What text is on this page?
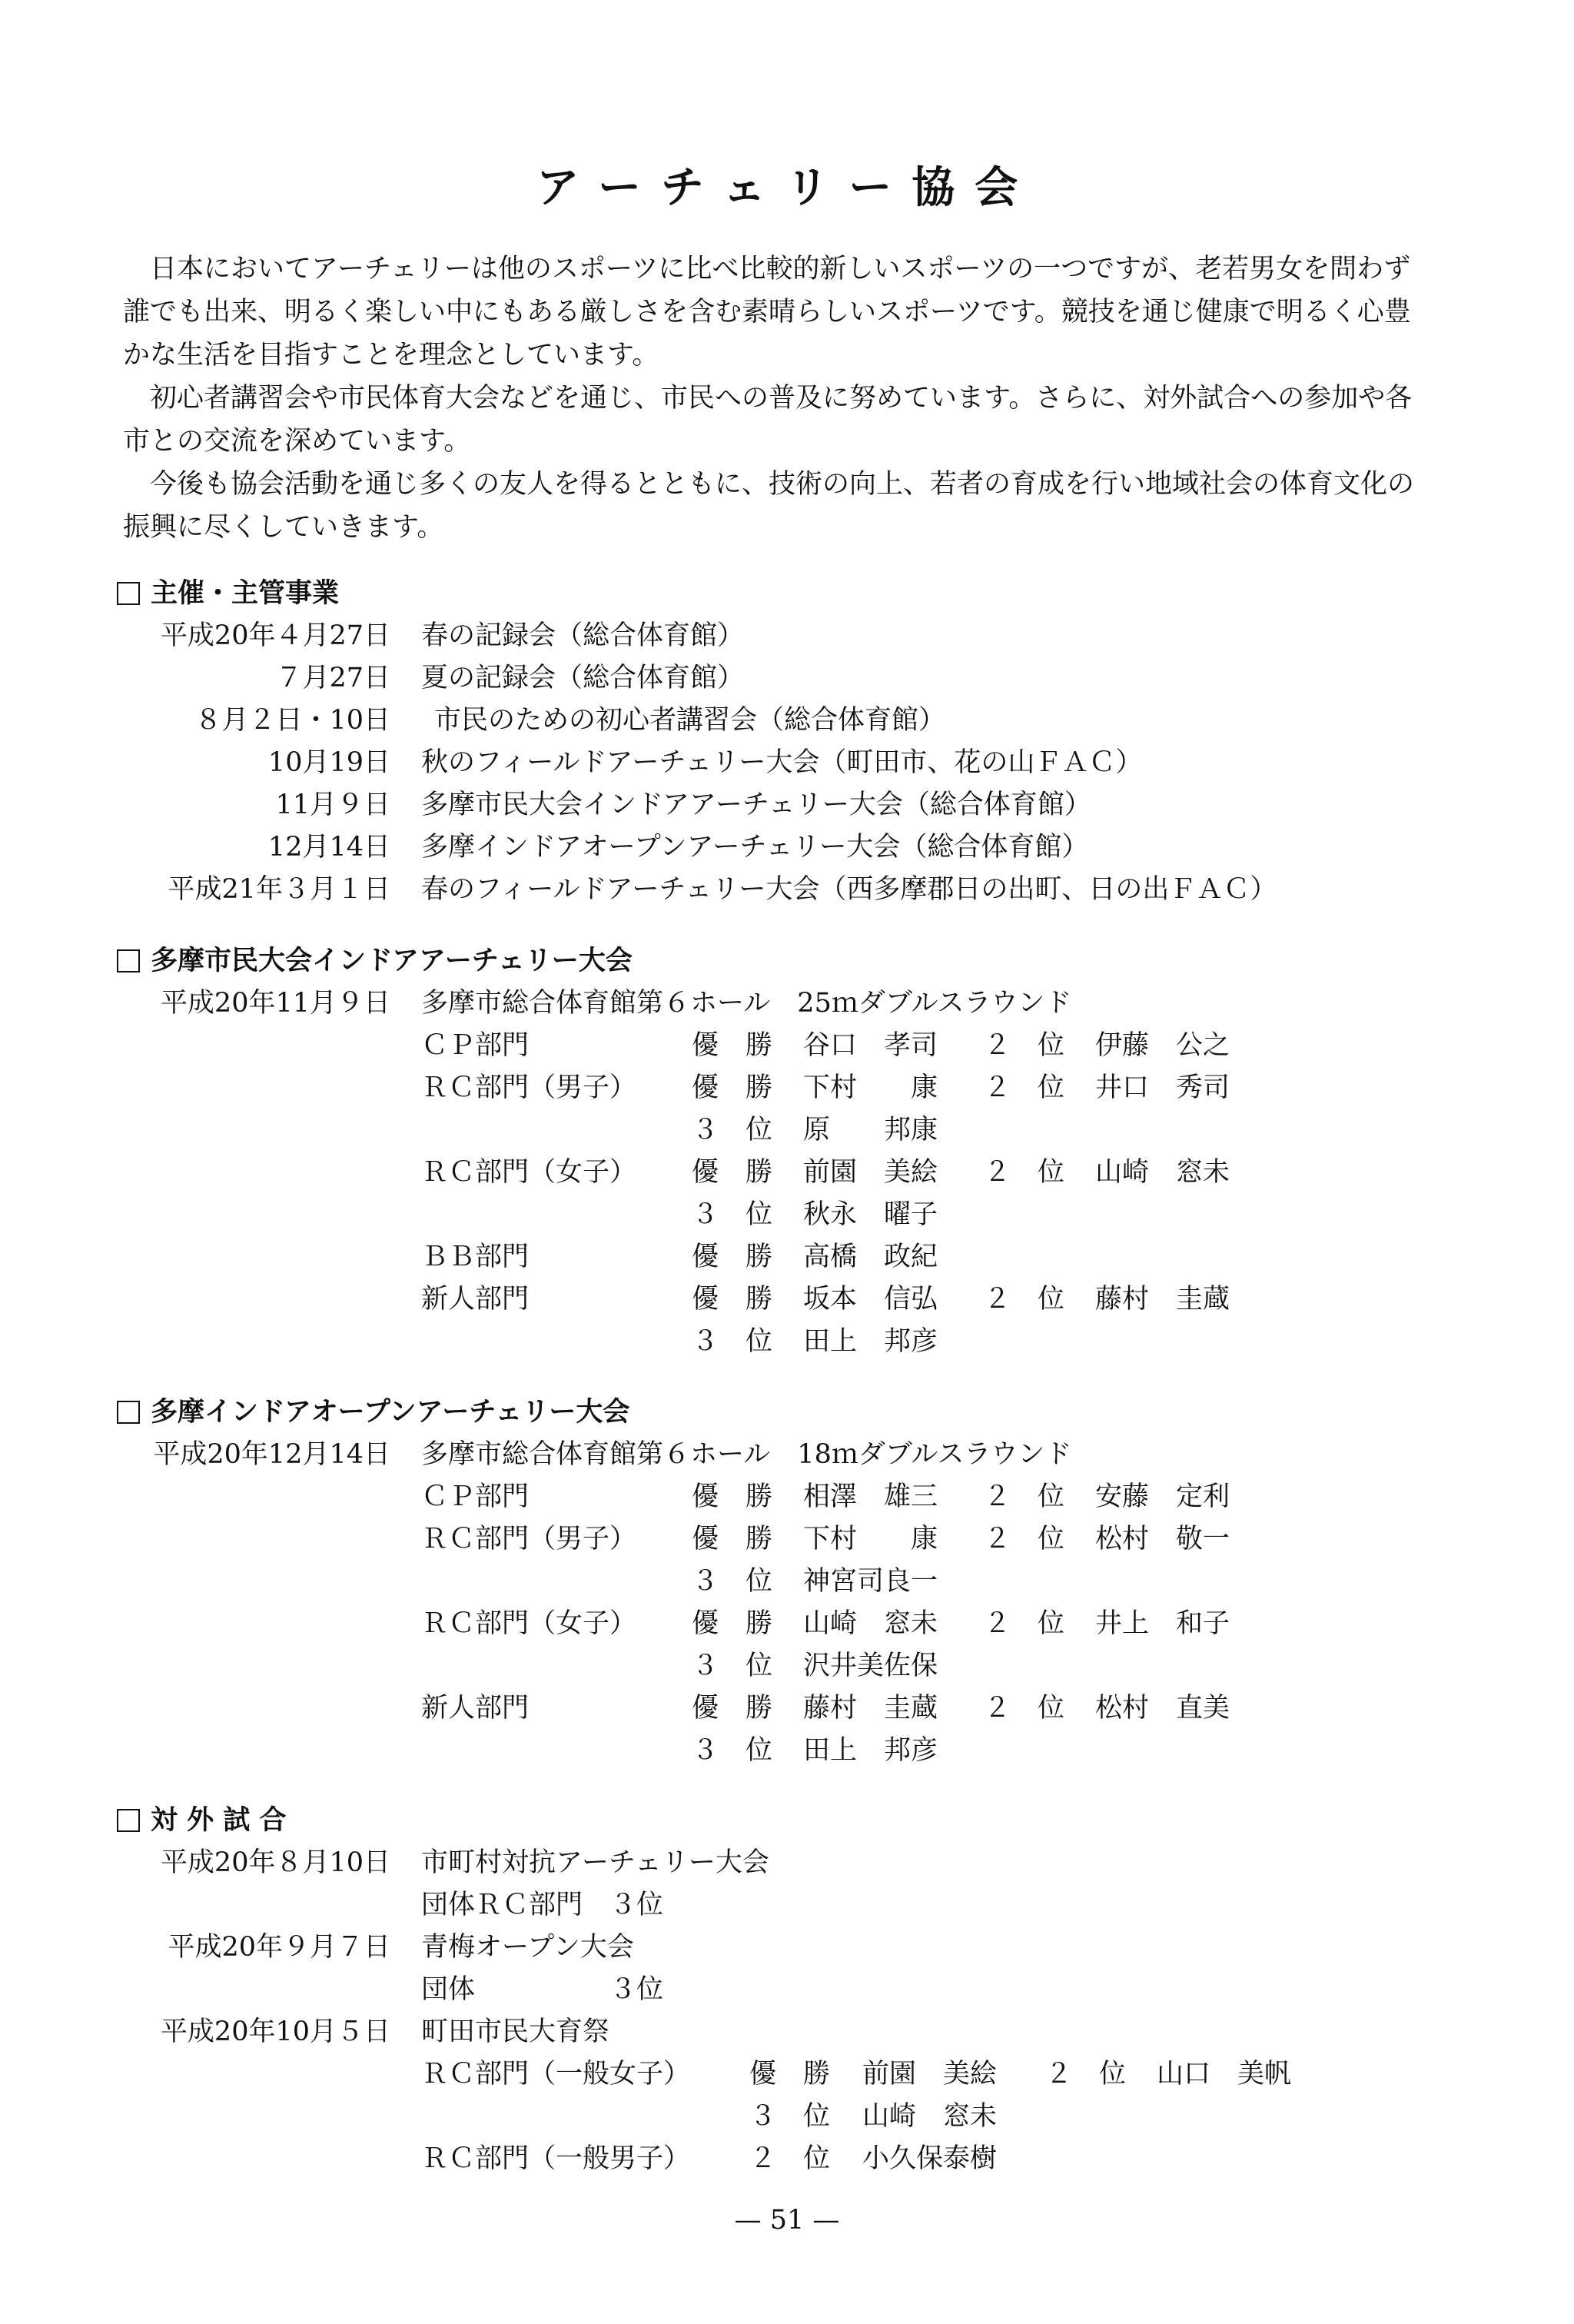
アーチェリー協会

日本においてアーチェリーは他のスポーツに比べ比較的新しいスポーツの一つですが、老若男女を問わず誰でも出来、明るく楽しい中にもある厳しさを含む素晴らしいスポーツです。競技を通じ健康で明るく心豊かな生活を目指すことを理念としています。

初心者講習会や市民体育大会などを通じ、市民への普及に努めています。さらに、対外試合への参加や各市との交流を深めています。

今後も協会活動を通じ多くの友人を得るとともに、技術の向上、若者の育成を行い地域社会の体育文化の振興に尽くしていきます。

主催・主管事業
平成20年４月27日 春の記録会（総合体育館）
７月27日 夏の記録会（総合体育館）
８月２日・10日 市民のための初心者講習会（総合体育館）
10月19日 秋のフィールドアーチェリー大会（町田市、花の山ＦＡＣ）
11月９日 多摩市民大会インドアアーチェリー大会（総合体育館）
12月14日 多摩インドアオープンアーチェリー大会（総合体育館）
平成21年３月１日 春のフィールドアーチェリー大会（西多摩郡日の出町、日の出ＦＡＣ）
多摩市民大会インドアアーチェリー大会
平成20年11月９日 多摩市総合体育館第６ホール　25ｍダブルスラウンド
ＣＰ部門	優　勝 谷口　孝司 ２　位 伊藤　公之
ＲＣ部門（男子） 優　勝 下村　　康 ２　位 井口　秀司
３　位 原　　邦康
ＲＣ部門（女子） 優　勝 前園　美絵 ２　位 山崎　窓未
３　位 秋永　曜子
ＢＢ部門	優　勝 高橋　政紀
新人部門	優　勝 坂本　信弘 ２　位 藤村　圭蔵
３　位 田上　邦彦
多摩インドアオープンアーチェリー大会
平成20年12月14日 多摩市総合体育館第６ホール　18ｍダブルスラウンド
ＣＰ部門	優　勝 相澤　雄三 ２　位 安藤　定利
ＲＣ部門（男子） 優　勝 下村　　康 ２　位 松村　敬一
３　位 神宮司良一
ＲＣ部門（女子） 優　勝 山崎　窓未 ２　位 井上　和子
３　位 沢井美佐保
新人部門	優　勝 藤村　圭蔵 ２　位 松村　直美
３　位 田上　邦彦
対 外 試 合
平成20年８月10日 市町村対抗アーチェリー大会
団体ＲＣ部門　３位
平成20年９月７日 青梅オープン大会
団体　　　　　３位
平成20年10月５日 町田市民大育祭
ＲＣ部門（一般女子） 優　勝 前園　美絵 ２　位 山口　美帆
３　位 山崎　窓未
ＲＣ部門（一般男子） ２　位 小久保泰樹
— 51 —
